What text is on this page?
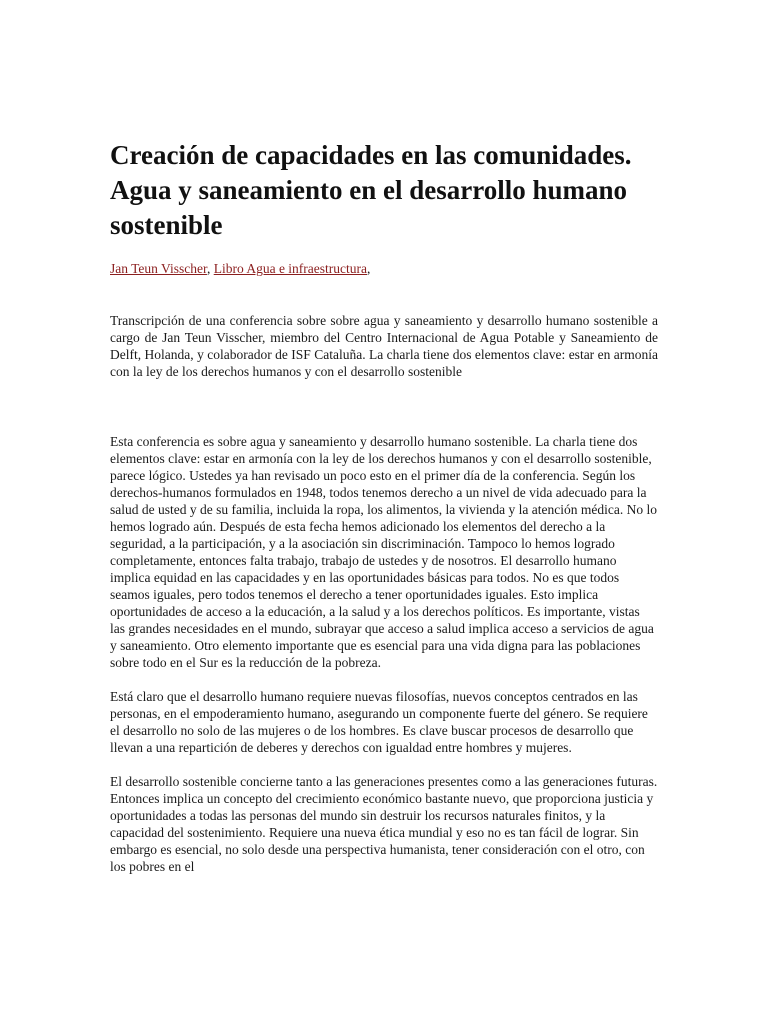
Creación de capacidades en las comunidades. Agua y saneamiento en el desarrollo humano sostenible

Jan Teun Visscher, Libro Agua e infraestructura,

Transcripción de una conferencia sobre sobre agua y saneamiento y desarrollo humano sostenible a cargo de Jan Teun Visscher, miembro del Centro Internacional de Agua Potable y Saneamiento de Delft, Holanda, y colaborador de ISF Cataluña. La charla tiene dos elementos clave: estar en armonía con la ley de los derechos humanos y con el desarrollo sostenible

Esta conferencia es sobre agua y saneamiento y desarrollo humano sostenible. La charla tiene dos elementos clave: estar en armonía con la ley de los derechos humanos y con el desarrollo sostenible, parece lógico. Ustedes ya han revisado un poco esto en el primer día de la conferencia. Según los derechos-humanos formulados en 1948, todos tenemos derecho a un nivel de vida adecuado para la salud de usted y de su familia, incluida la ropa, los alimentos, la vivienda y la atención médica. No lo hemos logrado aún. Después de esta fecha hemos adicionado los elementos del derecho a la seguridad, a la participación, y a la asociación sin discriminación. Tampoco lo hemos logrado completamente, entonces falta trabajo, trabajo de ustedes y de nosotros. El desarrollo humano implica equidad en las capacidades y en las oportunidades básicas para todos. No es que todos seamos iguales, pero todos tenemos el derecho a tener oportunidades iguales. Esto implica oportunidades de acceso a la educación, a la salud y a los derechos políticos. Es importante, vistas las grandes necesidades en el mundo, subrayar que acceso a salud implica acceso a servicios de agua y saneamiento. Otro elemento importante que es esencial para una vida digna para las poblaciones sobre todo en el Sur es la reducción de la pobreza.

Está claro que el desarrollo humano requiere nuevas filosofías, nuevos conceptos centrados en las personas, en el empoderamiento humano, asegurando un componente fuerte del género. Se requiere el desarrollo no solo de las mujeres o de los hombres. Es clave buscar procesos de desarrollo que llevan a una repartición de deberes y derechos con igualdad entre hombres y mujeres.

El desarrollo sostenible concierne tanto a las generaciones presentes como a las generaciones futuras. Entonces implica un concepto del crecimiento económico bastante nuevo, que proporciona justicia y oportunidades a todas las personas del mundo sin destruir los recursos naturales finitos, y la capacidad del sostenimiento. Requiere una nueva ética mundial y eso no es tan fácil de lograr. Sin embargo es esencial, no solo desde una perspectiva humanista, tener consideración con el otro, con los pobres en el
